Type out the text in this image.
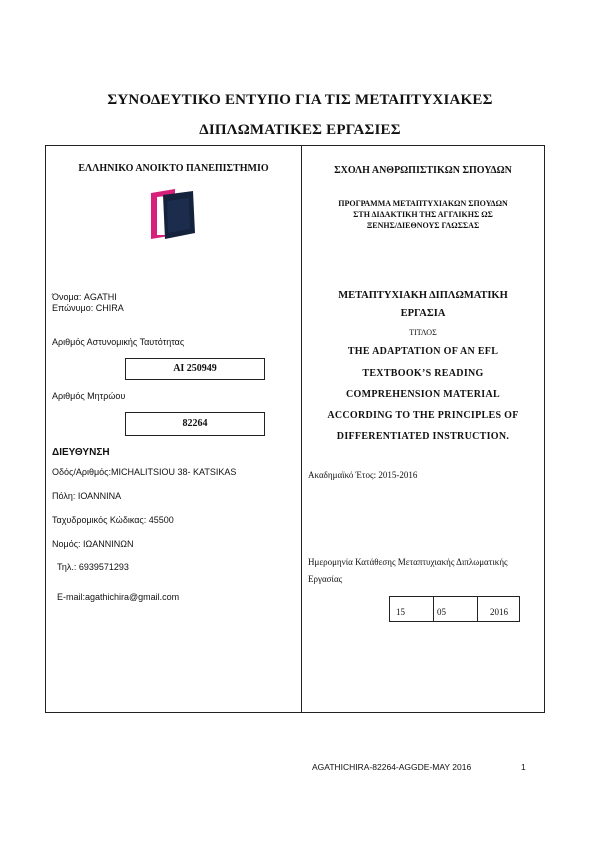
ΣΥΝΟΔΕΥΤΙΚΟ ΕΝΤΥΠΟ ΓΙΑ ΤΙΣ ΜΕΤΑΠΤΥΧΙΑΚΕΣ
ΔΙΠΛΩΜΑΤΙΚΕΣ ΕΡΓΑΣΙΕΣ
ΕΛΛΗΝΙΚΟ ΑΝΟΙΚΤΟ ΠΑΝΕΠΙΣΤΗΜΙΟ
Όνομα: AGATHI
Επώνυμο: CHIRA
Αριθμός Αστυνομικής Ταυτότητας
AI 250949
Αριθμός Μητρώου
82264
ΔΙΕΥΘΥΝΣΗ
Οδός/Αριθμός:MICHALITSIOU 38- KATSIKAS
Πόλη: ΙΟΑΝΝΙΝΑ
Ταχυδρομικός Κώδικας: 45500
Νομός: ΙΩΑΝΝΙΝΩΝ
Τηλ.: 6939571293
E-mail:agathichira@gmail.com
ΣΧΟΛΗ ΑΝΘΡΩΠΙΣΤΙΚΩΝ ΣΠΟΥΔΩΝ
ΠΡΟΓΡΑΜΜΑ ΜΕΤΑΠΤΥΧΙΑΚΩΝ ΣΠΟΥΔΩΝ
ΣΤΗ ΔΙΔΑΚΤΙΚΗ ΤΗΣ ΑΓΓΛΙΚΗΣ ΩΣ
ΞΕΝΗΣ/ΔΙΕΘΝΟΥΣ ΓΛΩΣΣΑΣ
ΜΕΤΑΠΤΥΧΙΑΚΗ ΔΙΠΛΩΜΑΤΙΚΗ
ΕΡΓΑΣΙΑ
ΤΙΤΛΟΣ
THE ADAPTATION OF AN EFL
TEXTBOOK’S READING
COMPREHENSION MATERIAL
ACCORDING TO THE PRINCIPLES OF
DIFFERENTIATED INSTRUCTION.
Ακαδημαϊκό Έτος: 2015-2016
Ημερομηνία Κατάθεσης Μεταπτυχιακής Διπλωματικής
Εργασίας
15	05	2016
AGATHICHIRA-82264-AGGDE-MAY 2016	1
